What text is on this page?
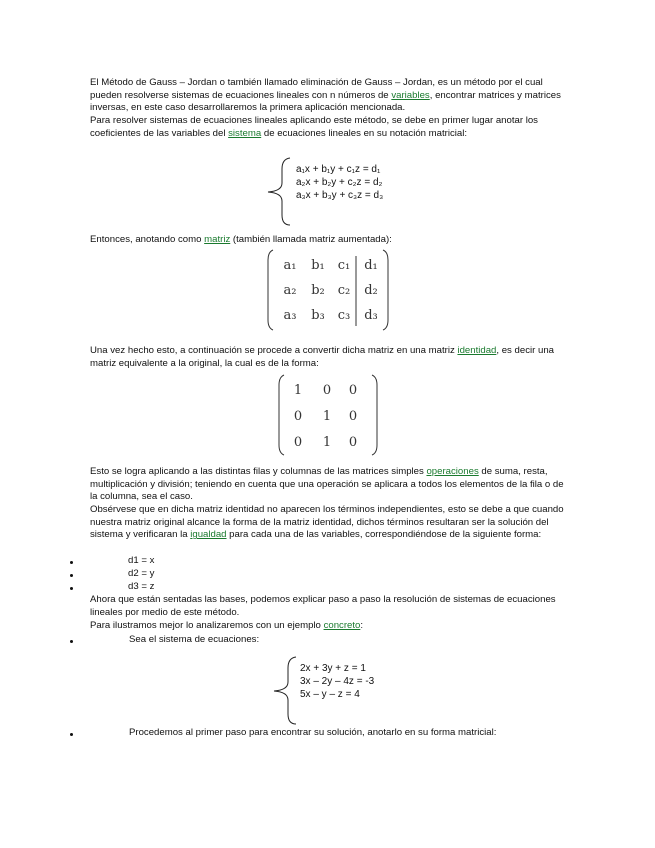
El Método de Gauss – Jordan o también llamado eliminación de Gauss – Jordan, es un método por el cual pueden resolverse sistemas de ecuaciones lineales con n números de variables, encontrar matrices y matrices inversas, en este caso desarrollaremos la primera aplicación mencionada.
Para resolver sistemas de ecuaciones lineales aplicando este método, se debe en primer lugar anotar los coeficientes de las variables del sistema de ecuaciones lineales en su notación matricial:
a₁x + b₁y + c₁z = d₁
a₂x + b₂y + c₂z = d₂
a₃x + b₃y + c₃z = d₃
Entonces, anotando como matriz (también llamada matriz aumentada):
a₁	b₁ c₁	d₁
a₂	b₂ c₂	d₂
a₃	b₃ c₃	d₃
Una vez hecho esto, a continuación se procede a convertir dicha matriz en una matriz identidad, es decir una matriz equivalente a la original, la cual es de la forma:
1	0	0
0	1	0
0	1	0
Esto se logra aplicando a las distintas filas y columnas de las matrices simples operaciones de suma, resta, multiplicación y división; teniendo en cuenta que una operación se aplicara a todos los elementos de la fila o de la columna, sea el caso.
Obsérvese que en dicha matriz identidad no aparecen los términos independientes, esto se debe a que cuando nuestra matriz original alcance la forma de la matriz identidad, dichos términos resultaran ser la solución del sistema y verificaran la igualdad para cada una de las variables, correspondiéndose de la siguiente forma:
d1 = x
d2 = y
d3 = z
Ahora que están sentadas las bases, podemos explicar paso a paso la resolución de sistemas de ecuaciones lineales por medio de este método.
Para ilustramos mejor lo analizaremos con un ejemplo concreto:
Sea el sistema de ecuaciones:
2x + 3y + z = 1
3x – 2y – 4z = -3
5x – y – z = 4
Procedemos al primer paso para encontrar su solución, anotarlo en su forma matricial:
